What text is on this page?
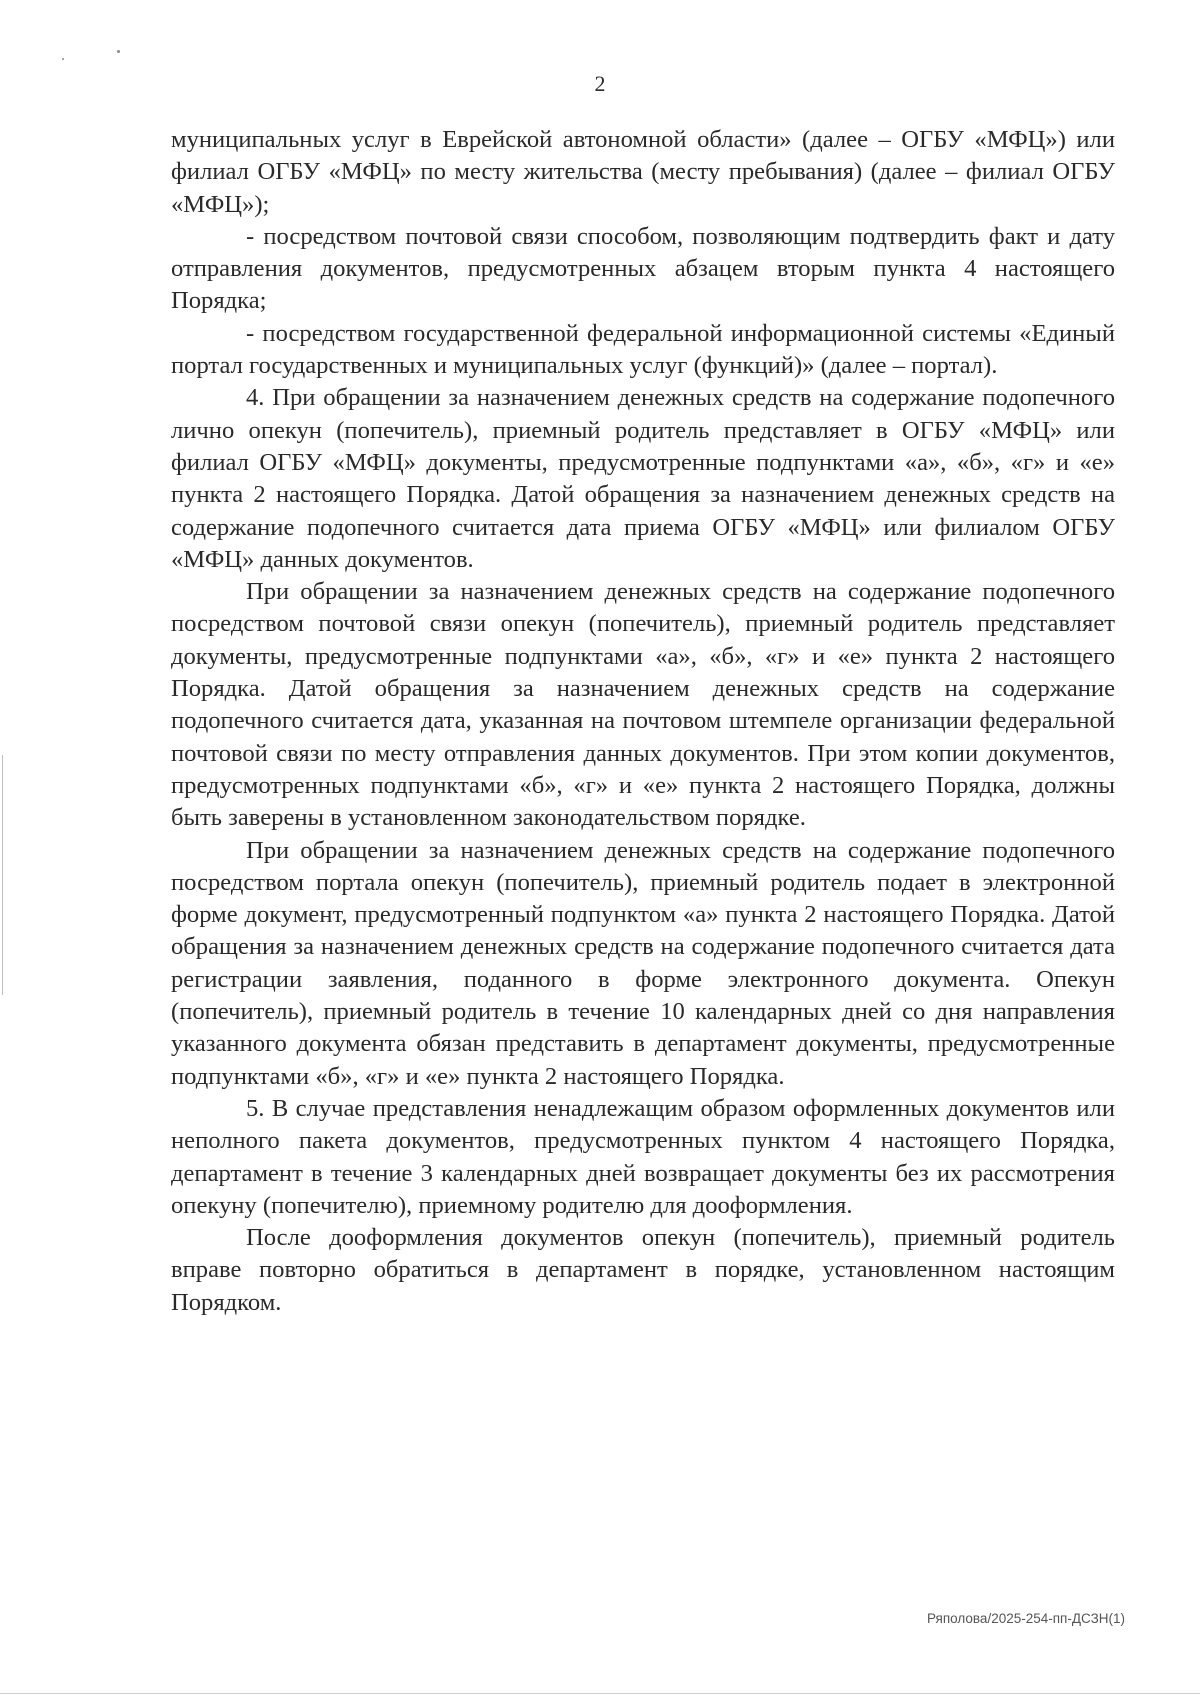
2

муниципальных услуг в Еврейской автономной области» (далее – ОГБУ «МФЦ») или филиал ОГБУ «МФЦ» по месту жительства (месту пребывания) (далее – филиал ОГБУ «МФЦ»);

- посредством почтовой связи способом, позволяющим подтвердить факт и дату отправления документов, предусмотренных абзацем вторым пункта 4 настоящего Порядка;

- посредством государственной федеральной информационной системы «Единый портал государственных и муниципальных услуг (функций)» (далее – портал).

4. При обращении за назначением денежных средств на содержание подопечного лично опекун (попечитель), приемный родитель представляет в ОГБУ «МФЦ» или филиал ОГБУ «МФЦ» документы, предусмотренные подпунктами «а», «б», «г» и «е» пункта 2 настоящего Порядка. Датой обращения за назначением денежных средств на содержание подопечного считается дата приема ОГБУ «МФЦ» или филиалом ОГБУ «МФЦ» данных документов.

При обращении за назначением денежных средств на содержание подопечного посредством почтовой связи опекун (попечитель), приемный родитель представляет документы, предусмотренные подпунктами «а», «б», «г» и «е» пункта 2 настоящего Порядка. Датой обращения за назначением денежных средств на содержание подопечного считается дата, указанная на почтовом штемпеле организации федеральной почтовой связи по месту отправления данных документов. При этом копии документов, предусмотренных подпунктами «б», «г» и «е» пункта 2 настоящего Порядка, должны быть заверены в установленном законодательством порядке.

При обращении за назначением денежных средств на содержание подопечного посредством портала опекун (попечитель), приемный родитель подает в электронной форме документ, предусмотренный подпунктом «а» пункта 2 настоящего Порядка. Датой обращения за назначением денежных средств на содержание подопечного считается дата регистрации заявления, поданного в форме электронного документа. Опекун (попечитель), приемный родитель в течение 10 календарных дней со дня направления указанного документа обязан представить в департамент документы, предусмотренные подпунктами «б», «г» и «е» пункта 2 настоящего Порядка.

5. В случае представления ненадлежащим образом оформленных документов или неполного пакета документов, предусмотренных пунктом 4 настоящего Порядка, департамент в течение 3 календарных дней возвращает документы без их рассмотрения опекуну (попечителю), приемному родителю для дооформления.

После дооформления документов опекун (попечитель), приемный родитель вправе повторно обратиться в департамент в порядке, установленном настоящим Порядком.

Ряполова/2025-254-пп-ДСЗН(1)
